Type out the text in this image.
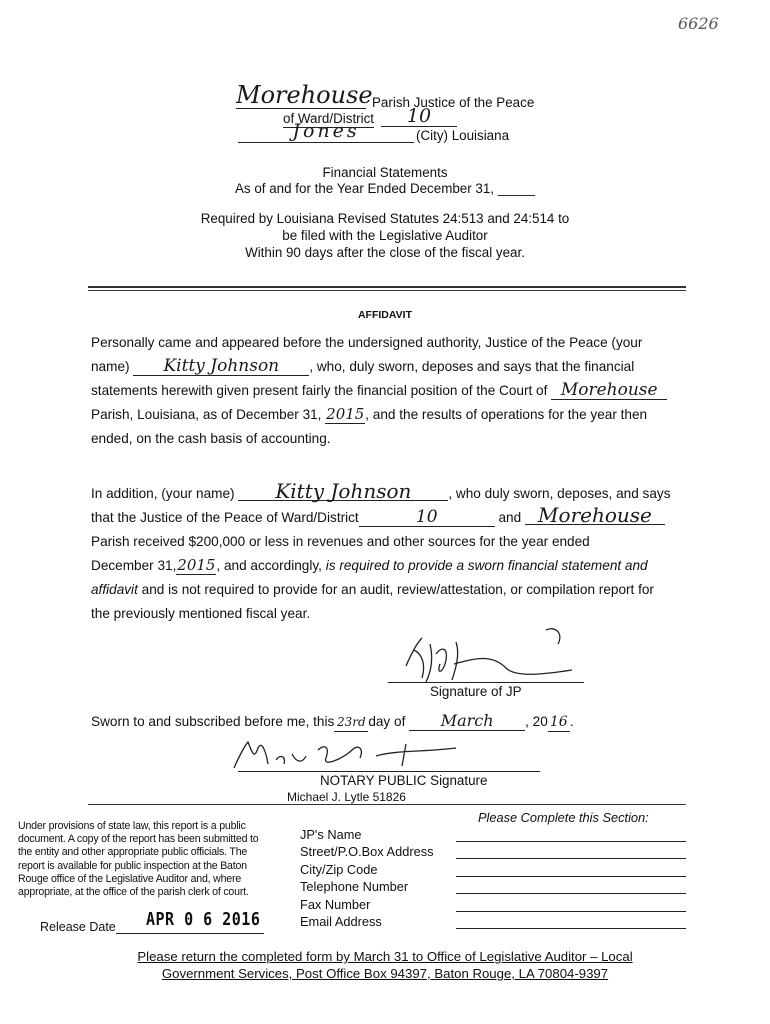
6626
Morehouse Parish Justice of the Peace
of Ward/District	10
Jones	(City) Louisiana
Financial Statements
As of and for the Year Ended December 31, _____
Required by Louisiana Revised Statutes 24:513 and 24:514 to
be filed with the Legislative Auditor
Within 90 days after the close of the fiscal year.
AFFIDAVIT
Personally came and appeared before the undersigned authority, Justice of the Peace (your
name) Kitty Johnson , who, duly sworn, deposes and says that the financial
statements herewith given present fairly the financial position of the Court of Morehouse
Parish, Louisiana, as of December 31, 2015, and the results of operations for the year then
ended, on the cash basis of accounting.
In addition, (your name) Kitty Johnson	, who duly sworn, deposes, and says
that the Justice of the Peace of Ward/District	10	and Morehouse
Parish received $200,000 or less in revenues and other sources for the year ended
December 31,2015, and accordingly, is required to provide a sworn financial statement and
affidavit and is not required to provide for an audit, review/attestation, or compilation report for
the previously mentioned fiscal year.
Signature of JP
Sworn to and subscribed before me, this 23rd day of March , 20 16 .
NOTARY PUBLIC Signature
Michael J. Lytle 51826
Under provisions of state law, this report is a public
document. A copy of the report has been submitted to
the entity and other appropriate public officials. The
report is available for public inspection at the Baton
Rouge office of the Legislative Auditor and, where
appropriate, at the office of the parish clerk of court.
Release Date APR 0 6 2016
Please Complete this Section:
JP's Name
Street/P.O.Box Address
City/Zip Code
Telephone Number
Fax Number
Email Address
Please return the completed form by March 31 to Office of Legislative Auditor – Local
Government Services, Post Office Box 94397, Baton Rouge, LA 70804-9397
